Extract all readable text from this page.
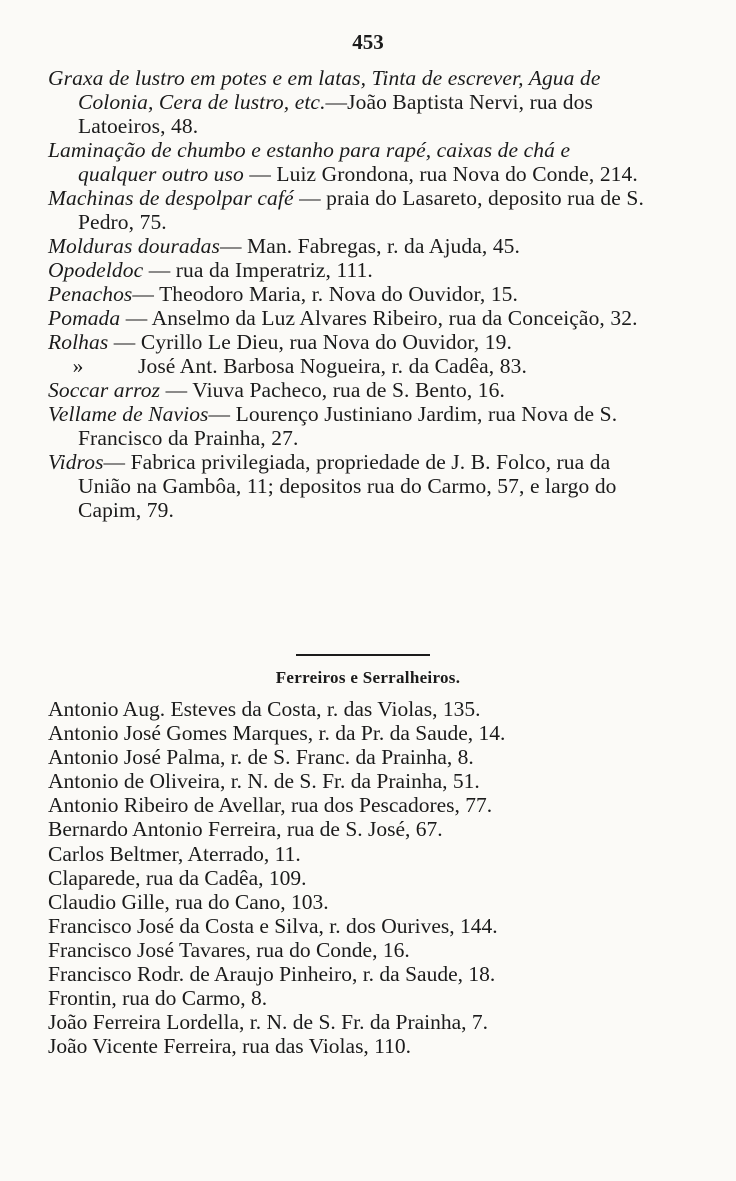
453

Graxa de lustro em potes e em latas, Tinta de escrever, Agua de Colonia, Cera de lustro, etc.—João Baptista Nervi, rua dos Latoeiros, 48.

Laminação de chumbo e estanho para rapé, caixas de chá e qualquer outro uso — Luiz Grondona, rua Nova do Conde, 214.

Machinas de despolpar café — praia do Lasareto, deposito rua de S. Pedro, 75.

Molduras douradas— Man. Fabregas, r. da Ajuda, 45.

Opodeldoc — rua da Imperatriz, 111.

Penachos— Theodoro Maria, r. Nova do Ouvidor, 15.

Pomada — Anselmo da Luz Alvares Ribeiro, rua da Conceição, 32.

Rolhas — Cyrillo Le Dieu, rua Nova do Ouvidor, 19.

»	José Ant. Barbosa Nogueira, r. da Cadêa, 83.

Soccar arroz — Viuva Pacheco, rua de S. Bento, 16.

Vellame de Navios— Lourenço Justiniano Jardim, rua Nova de S. Francisco da Prainha, 27.

Vidros— Fabrica privilegiada, propriedade de J. B. Folco, rua da União na Gambôa, 11; depositos rua do Carmo, 57, e largo do Capim, 79.

Ferreiros e Serralheiros.

Antonio Aug. Esteves da Costa, r. das Violas, 135.

Antonio José Gomes Marques, r. da Pr. da Saude, 14.

Antonio José Palma, r. de S. Franc. da Prainha, 8.

Antonio de Oliveira, r. N. de S. Fr. da Prainha, 51.

Antonio Ribeiro de Avellar, rua dos Pescadores, 77.

Bernardo Antonio Ferreira, rua de S. José, 67.

Carlos Beltmer, Aterrado, 11.

Claparede, rua da Cadêa, 109.

Claudio Gille, rua do Cano, 103.

Francisco José da Costa e Silva, r. dos Ourives, 144.

Francisco José Tavares, rua do Conde, 16.

Francisco Rodr. de Araujo Pinheiro, r. da Saude, 18.

Frontin, rua do Carmo, 8.

João Ferreira Lordella, r. N. de S. Fr. da Prainha, 7.

João Vicente Ferreira, rua das Violas, 110.
